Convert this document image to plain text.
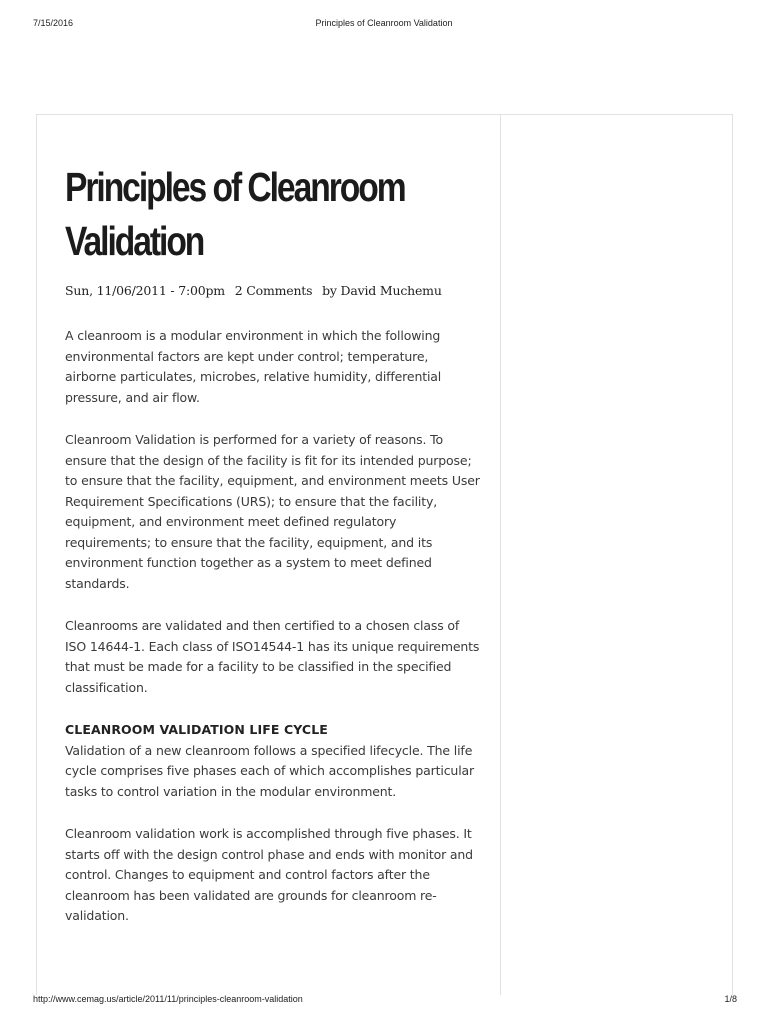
7/15/2016	Principles of Cleanroom Validation
Principles of Cleanroom
Validation
Sun, 11/06/2011 - 7:00pm 2 Comments by David Muchemu

A cleanroom is a modular environment in which the following environmental factors are kept under control; temperature, airborne particulates, microbes, relative humidity, differential pressure, and air flow.

Cleanroom Validation is performed for a variety of reasons. To ensure that the design of the facility is fit for its intended purpose; to ensure that the facility, equipment, and environment meets User Requirement Specifications (URS); to ensure that the facility, equipment, and environment meet defined regulatory requirements; to ensure that the facility, equipment, and its environment function together as a system to meet defined standards.

Cleanrooms are validated and then certified to a chosen class of ISO 14644-1. Each class of ISO14544-1 has its unique requirements that must be made for a facility to be classified in the specified classification.

CLEANROOM VALIDATION LIFE CYCLE
Validation of a new cleanroom follows a specified lifecycle. The life cycle comprises five phases each of which accomplishes particular tasks to control variation in the modular environment.

Cleanroom validation work is accomplished through five phases. It starts off with the design control phase and ends with monitor and control. Changes to equipment and control factors after the cleanroom has been validated are grounds for cleanroom re-validation.

http://www.cemag.us/article/2011/11/principles-cleanroom-validation	1/8
